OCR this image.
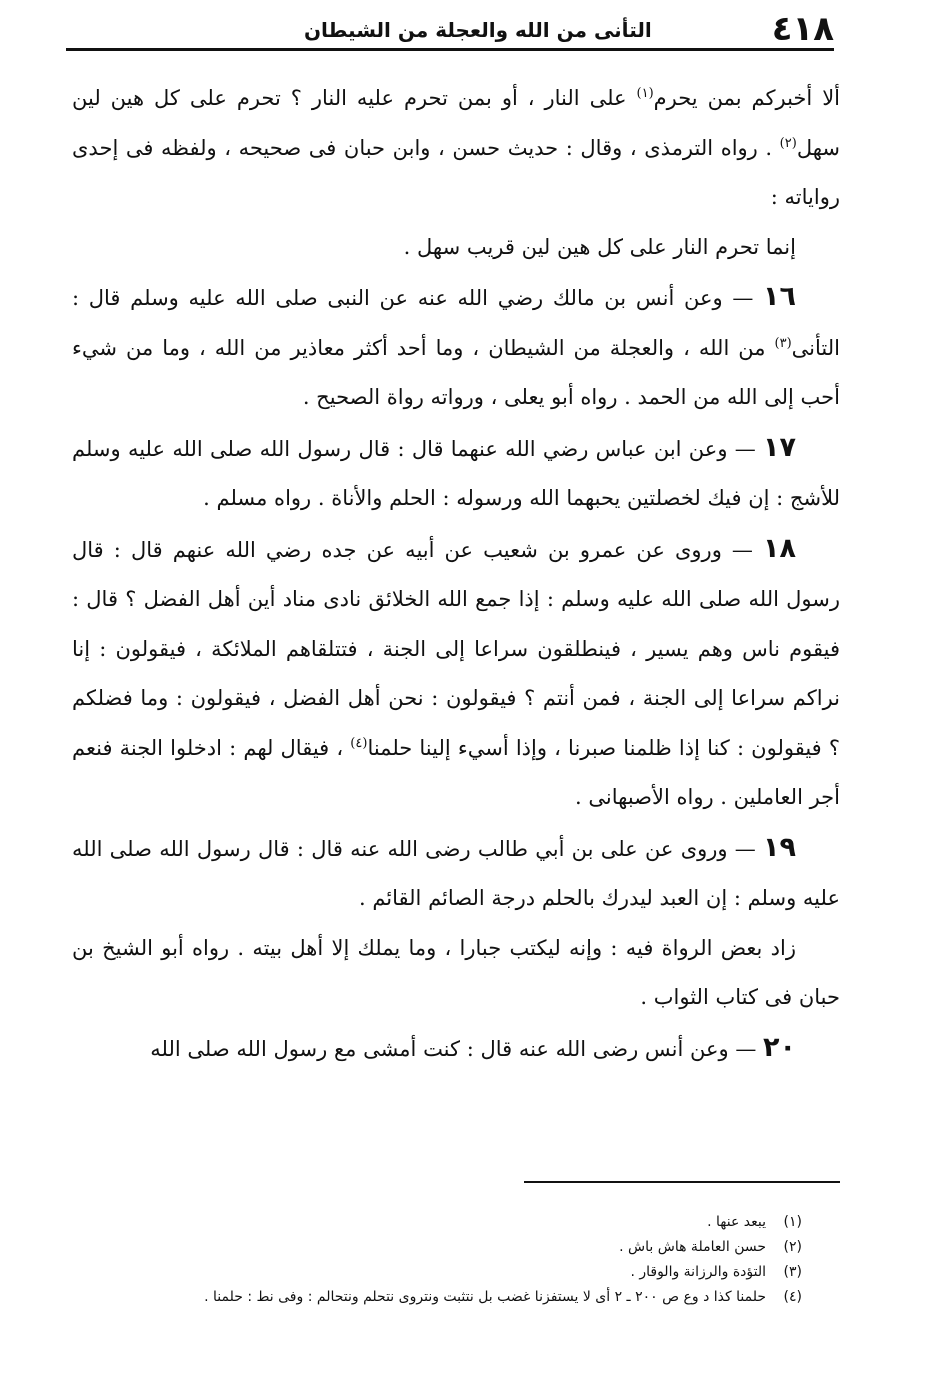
٤١٨
التأنى من الله والعجلة من الشيطان

ألا أخبركم بمن يحرم$^{(١)}$ على النار ، أو بمن تحرم عليه النار ؟ تحرم على كل هين لين سهل$^{(٢)}$ . رواه الترمذى ، وقال : حديث حسن ، وابن حبان فى صحيحه ، ولفظه فى إحدى رواياته :

إنما تحرم النار على كل هين لين قريب سهل .

١٦ — وعن أنس بن مالك رضي الله عنه عن النبى صلى الله عليه وسلم قال : التأنى$^{(٣)}$ من الله ، والعجلة من الشيطان ، وما أحد أكثر معاذير من الله ، وما من شيء أحب إلى الله من الحمد . رواه أبو يعلى ، ورواته رواة الصحيح .

١٧ — وعن ابن عباس رضي الله عنهما قال : قال رسول الله صلى الله عليه وسلم للأشج : إن فيك لخصلتين يحبهما الله ورسوله : الحلم والأناة . رواه مسلم .

١٨ — وروى عن عمرو بن شعيب عن أبيه عن جده رضي الله عنهم قال : قال رسول الله صلى الله عليه وسلم : إذا جمع الله الخلائق نادى مناد أين أهل الفضل ؟ قال : فيقوم ناس وهم يسير ، فينطلقون سراعا إلى الجنة ، فتتلقاهم الملائكة ، فيقولون : إنا نراكم سراعا إلى الجنة ، فمن أنتم ؟ فيقولون : نحن أهل الفضل ، فيقولون : وما فضلكم ؟ فيقولون : كنا إذا ظلمنا صبرنا ، وإذا أسيء إلينا حلمنا$^{(٤)}$ ، فيقال لهم : ادخلوا الجنة فنعم أجر العاملين . رواه الأصبهانى .

١٩ — وروى عن على بن أبي طالب رضى الله عنه قال : قال رسول الله صلى الله عليه وسلم : إن العبد ليدرك بالحلم درجة الصائم القائم .

زاد بعض الرواة فيه : وإنه ليكتب جبارا ، وما يملك إلا أهل بيته . رواه أبو الشيخ بن حبان فى كتاب الثواب .

٢٠ — وعن أنس رضى الله عنه قال : كنت أمشى مع رسول الله صلى الله

(١)يبعد عنها .
(٢)حسن العاملة هاش باش .
(٣)التؤدة والرزانة والوقار .
(٤)حلمنا كذا د وع ص ٢٠٠ ـ ٢ أى لا يستفزنا غضب بل نتثبت ونتروى نتحلم ونتحالم : وفى نط : حلمنا .
